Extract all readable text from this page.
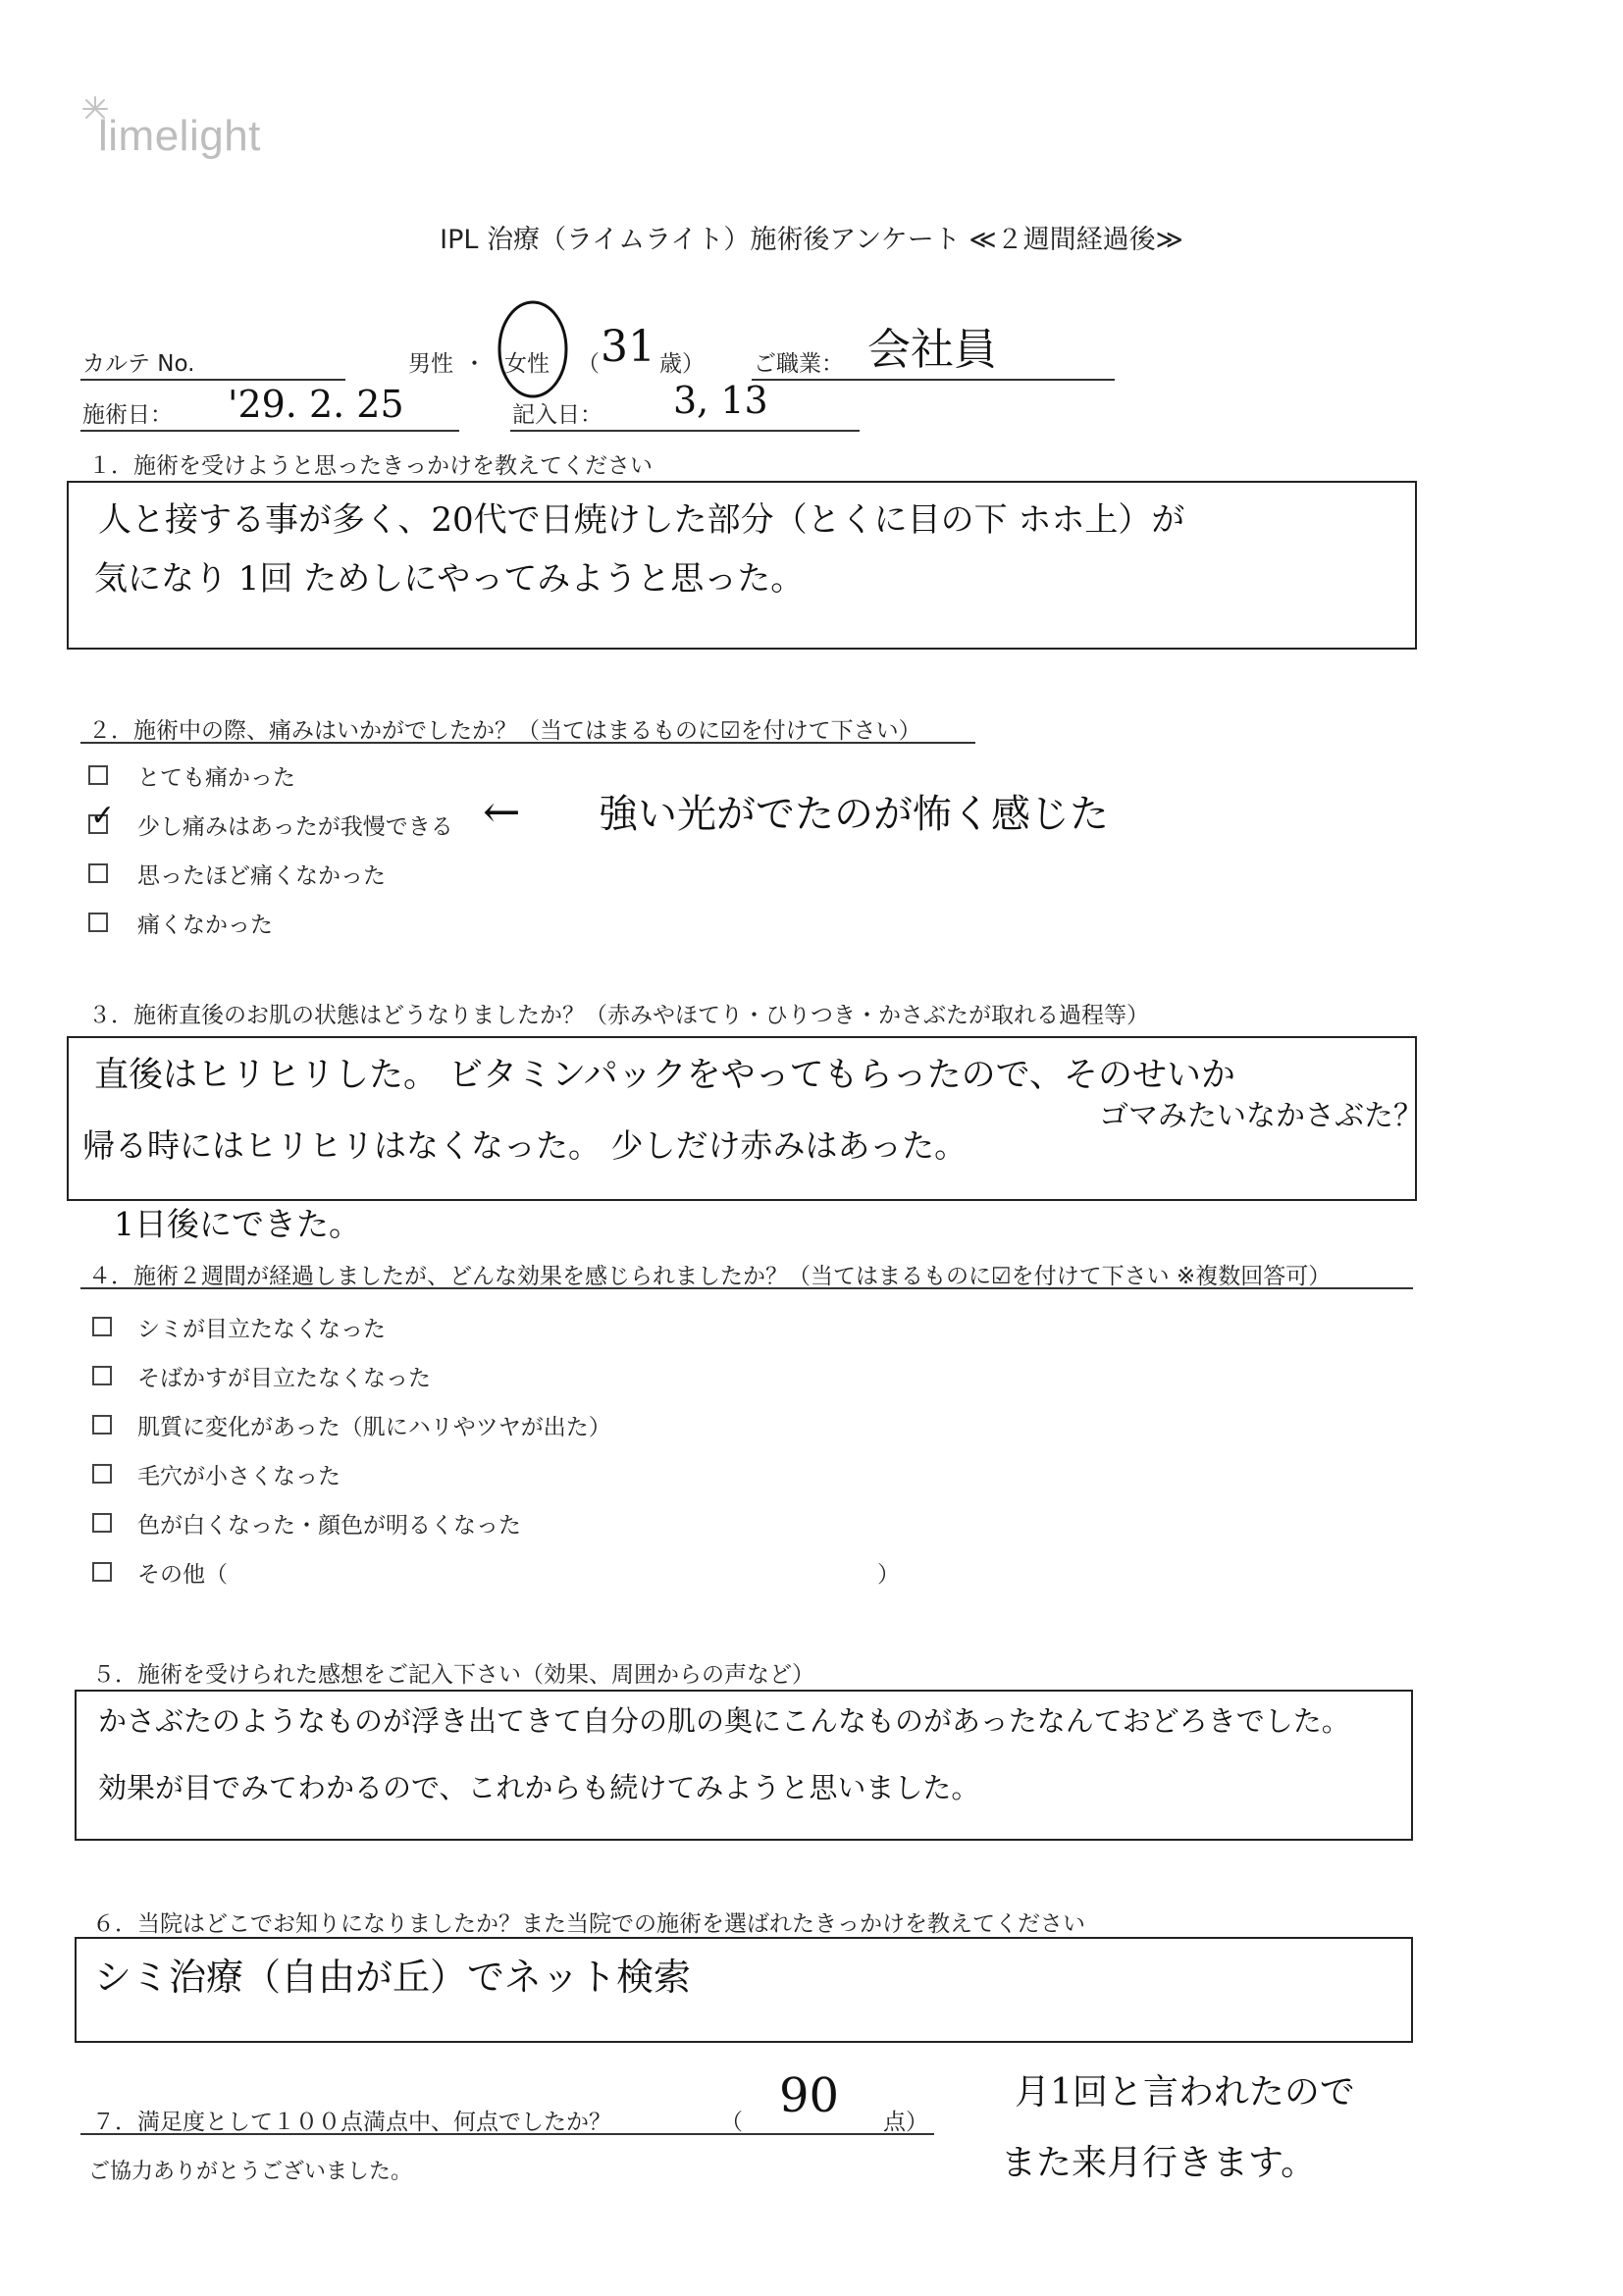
limelight
IPL 治療（ライムライト）施術後アンケート ≪２週間経過後≫
カルテ No.	男性 ・ 女性 （ 31 歳） ご職業： 会社員
施術日： '29. 2. 25	記入日： 3, 13
１．施術を受けようと思ったきっかけを教えてください
人と接する事が多く、20代で日焼けした部分（とくに目の下 ホホ上）が
気になり 1回 ためしにやってみようと思った。
２．施術中の際、痛みはいかがでしたか？（当てはまるものに☑を付けて下さい）
とても痛かった
✓ 少し痛みはあったが我慢できる
思ったほど痛くなかった
痛くなかった
← 強い光がでたのが怖く感じた
３．施術直後のお肌の状態はどうなりましたか？（赤みやほてり・ひりつき・かさぶたが取れる過程等）
直後はヒリヒリした。 ビタミンパックをやってもらったので、そのせいか
帰る時にはヒリヒリはなくなった。 少しだけ赤みはあった。
ゴマみたいなかさぶた？
1日後にできた。
４．施術２週間が経過しましたが、どんな効果を感じられましたか？（当てはまるものに☑を付けて下さい ※複数回答可）
シミが目立たなくなった
そばかすが目立たなくなった
肌質に変化があった（肌にハリやツヤが出た）
毛穴が小さくなった
色が白くなった・顔色が明るくなった
その他（	）
５．施術を受けられた感想をご記入下さい（効果、周囲からの声など）
かさぶたのようなものが浮き出てきて自分の肌の奥にこんなものがあったなんておどろきでした。
効果が目でみてわかるので、これからも続けてみようと思いました。
６．当院はどこでお知りになりましたか？また当院での施術を選ばれたきっかけを教えてください
シミ治療（自由が丘）でネット検索
７．満足度として１００点満点中、何点でしたか？	（ 90 点）
月1回と言われたので
また来月行きます。
ご協力ありがとうございました。
